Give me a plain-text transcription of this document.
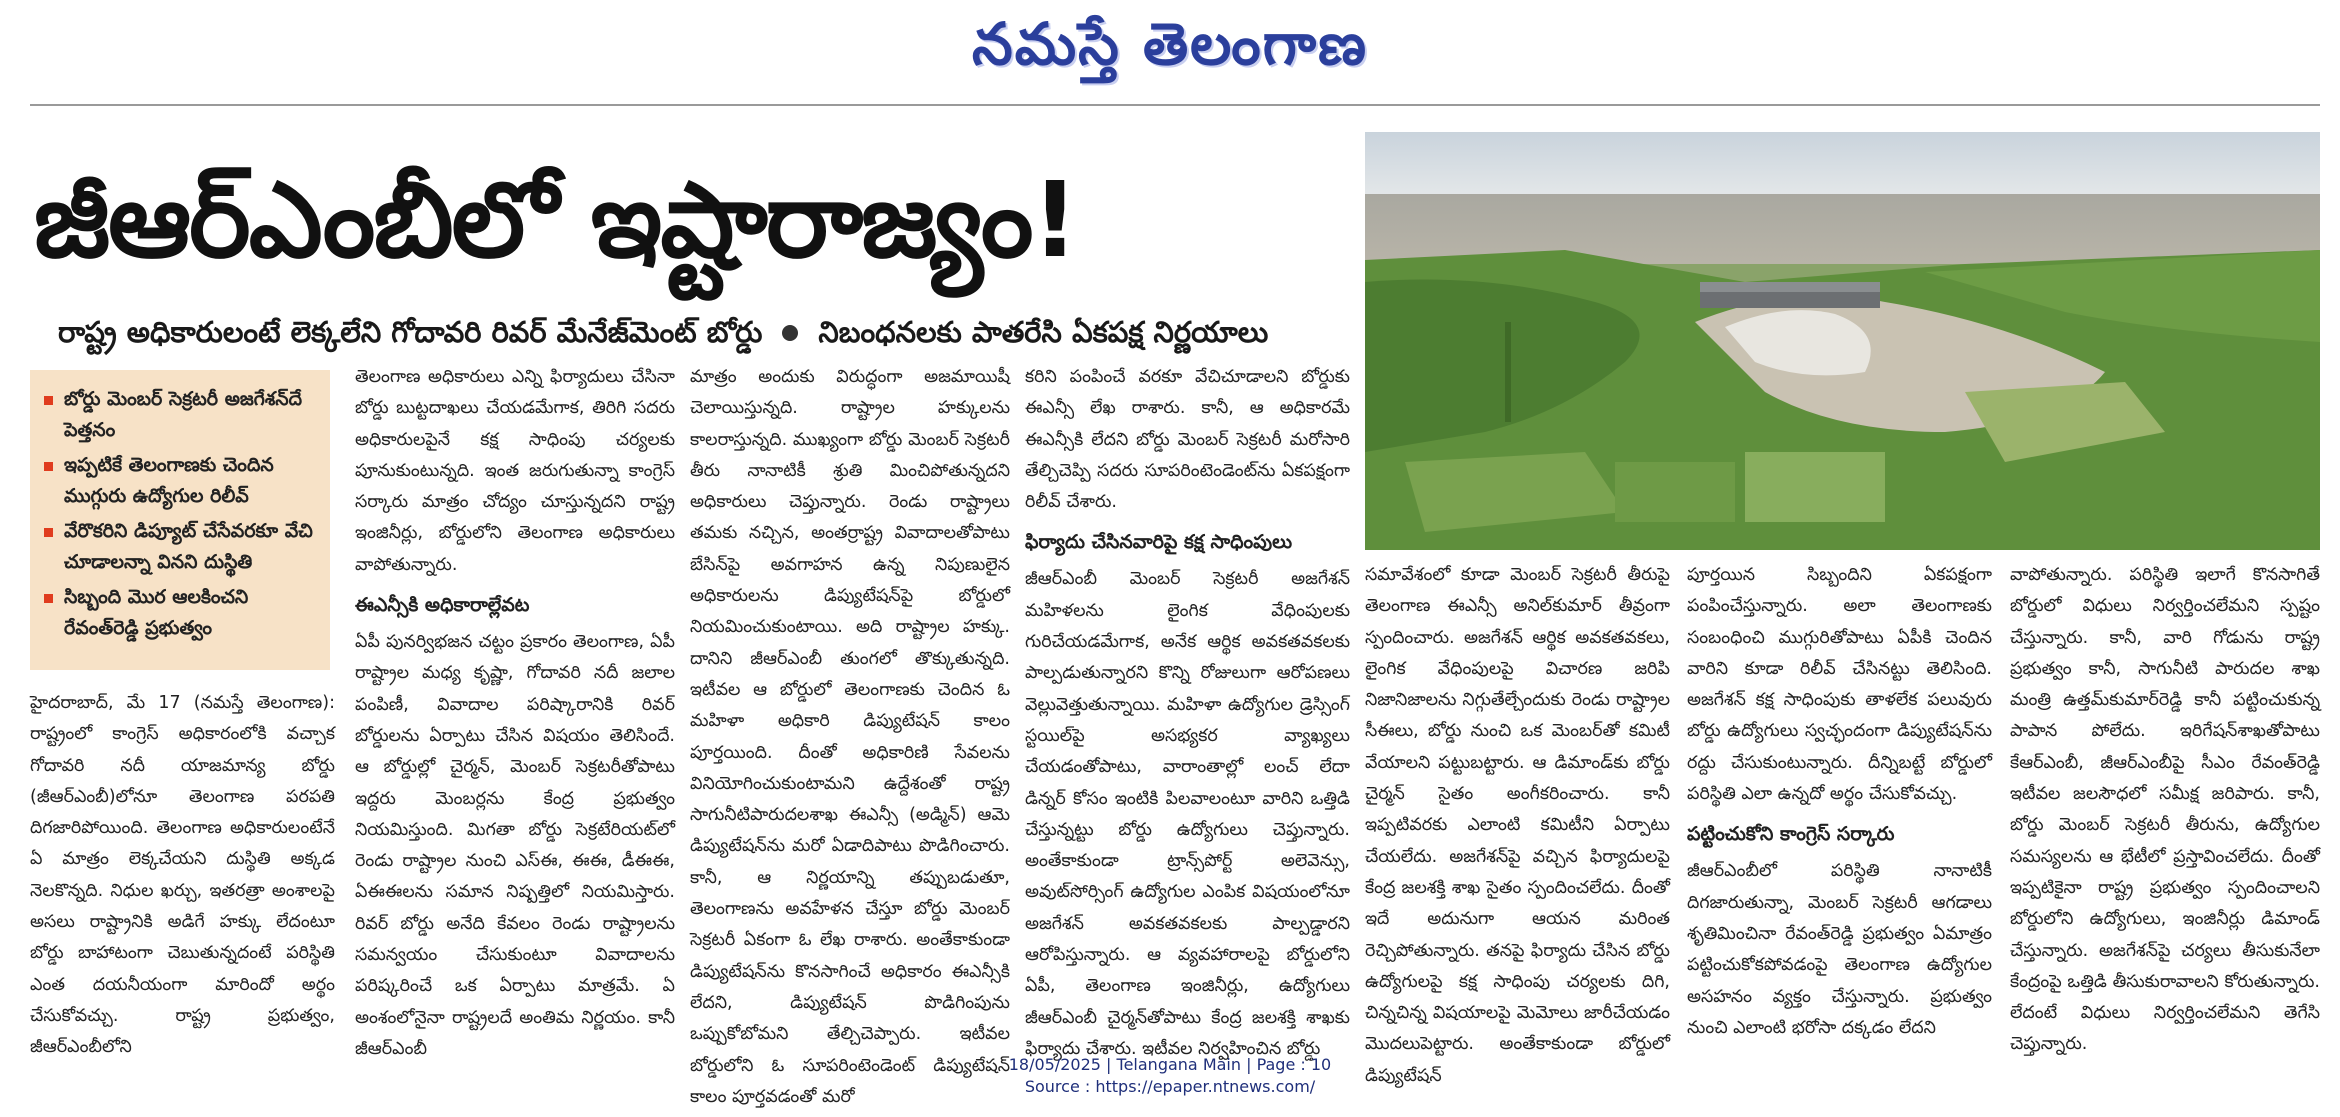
నమస్తే తెలంగాణ
జీఆర్ఎంబీలో ఇష్టారాజ్యం!
రాష్ట్ర అధికారులంటే లెక్కలేని గోదావరి రివర్ మేనేజ్‌మెంట్ బోర్డు నిబంధనలకు పాతరేసి ఏకపక్ష నిర్ణయాలు
బోర్డు మెంబర్ సెక్రటరీ అజగేశన్‌దే పెత్తనం
ఇప్పటికే తెలంగాణకు చెందిన ముగ్గురు ఉద్యోగుల రిలీవ్
వేరొకరిని డిప్యూట్ చేసేవరకూ వేచి చూడాలన్నా వినని దుస్థితి
సిబ్బంది మొర ఆలకించని రేవంత్‌రెడ్డి ప్రభుత్వం

హైదరాబాద్, మే 17 (నమస్తే తెలంగాణ): రాష్ట్రంలో కాంగ్రెస్ అధికారంలోకి వచ్చాక గోదావరి నదీ యాజమాన్య బోర్డు (జీఆర్ఎంబీ)లోనూ తెలంగాణ పరపతి దిగజారిపోయింది. తెలంగాణ అధికారులంటేనే ఏ మాత్రం లెక్కచేయని దుస్థితి అక్కడ నెలకొన్నది. నిధుల ఖర్చు, ఇతరత్రా అంశాలపై అసలు రాష్ట్రానికి అడిగే హక్కు లేదంటూ బోర్డు బాహాటంగా చెబుతున్నదంటే పరిస్థితి ఎంత దయనీయంగా మారిందో అర్థం చేసుకోవచ్చు. రాష్ట్ర ప్రభుత్వం, జీఆర్ఎంబీలోని

తెలంగాణ అధికారులు ఎన్ని ఫిర్యాదులు చేసినా బోర్డు బుట్టదాఖలు చేయడమేగాక, తిరిగి సదరు అధికారులపైనే కక్ష సాధింపు చర్యలకు పూనుకుంటున్నది. ఇంత జరుగుతున్నా కాంగ్రెస్ సర్కారు మాత్రం చోద్యం చూస్తున్నదని రాష్ట్ర ఇంజినీర్లు, బోర్డులోని తెలంగాణ అధికారులు వాపోతున్నారు.

ఈఎన్సీకి అధికారాల్లేవట

ఏపీ పునర్విభజన చట్టం ప్రకారం తెలంగాణ, ఏపీ రాష్ట్రాల మధ్య కృష్ణా, గోదావరి నదీ జలాల పంపిణీ, వివాదాల పరిష్కారానికి రివర్ బోర్డులను ఏర్పాటు చేసిన విషయం తెలిసిందే. ఆ బోర్డుల్లో చైర్మన్, మెంబర్ సెక్రటరీతోపాటు ఇద్దరు మెంబర్లను కేంద్ర ప్రభుత్వం నియమిస్తుంది. మిగతా బోర్డు సెక్రటేరియట్‌లో రెండు రాష్ట్రాల నుంచి ఎస్‌ఈ, ఈఈ, డీఈఈ, ఏఈఈలను సమాన నిష్పత్తిలో నియమిస్తారు. రివర్ బోర్డు అనేది కేవలం రెండు రాష్ట్రాలను సమన్వయం చేసుకుంటూ వివాదాలను పరిష్కరించే ఒక ఏర్పాటు మాత్రమే. ఏ అంశంలోనైనా రాష్ట్రలదే అంతిమ నిర్ణయం. కానీ జీఆర్ఎంబీ

మాత్రం అందుకు విరుద్ధంగా అజమాయిషీ చెలాయిస్తున్నది. రాష్ట్రాల హక్కులను కాలరాస్తున్నది. ముఖ్యంగా బోర్డు మెంబర్ సెక్రటరీ తీరు నానాటికీ శ్రుతి మించిపోతున్నదని అధికారులు చెప్తున్నారు. రెండు రాష్ట్రాలు తమకు నచ్చిన, అంతర్రాష్ట్ర వివాదాలతోపాటు బేసిన్‌పై అవగాహన ఉన్న నిపుణులైన అధికారులను డిప్యుటేషన్‌పై బోర్డులో నియమించుకుంటాయి. అది రాష్ట్రాల హక్కు. దానిని జీఆర్ఎంబీ తుంగలో తొక్కుతున్నది. ఇటీవల ఆ బోర్డులో తెలంగాణకు చెందిన ఓ మహిళా అధికారి డిప్యుటేషన్ కాలం పూర్తయింది. దీంతో అధికారిణి సేవలను వినియోగించుకుంటామని ఉద్దేశంతో రాష్ట్ర సాగునీటిపారుదలశాఖ ఈఎన్సీ (అడ్మిన్) ఆమె డిప్యుటేషన్‌ను మరో ఏడాదిపాటు పొడిగించారు. కానీ, ఆ నిర్ణయాన్ని తప్పుబడుతూ, తెలంగాణను అవహేళన చేస్తూ బోర్డు మెంబర్ సెక్రటరీ ఏకంగా ఓ లేఖ రాశారు. అంతేకాకుండా డిప్యుటేషన్‌ను కొనసాగించే అధికారం ఈఎన్సీకి లేదని, డిప్యుటేషన్ పొడిగింపును ఒప్పుకోబోమని తేల్చిచెప్పారు. ఇటీవల బోర్డులోని ఓ సూపరింటెండెంట్ డిప్యుటేషన్ కాలం పూర్తవడంతో మరో

కరిని పంపించే వరకూ వేచిచూడాలని బోర్డుకు ఈఎన్సీ లేఖ రాశారు. కానీ, ఆ అధికారమే ఈఎన్సీకి లేదని బోర్డు మెంబర్ సెక్రటరీ మరోసారి తేల్చిచెప్పి సదరు సూపరింటెండెంట్‌ను ఏకపక్షంగా రిలీవ్ చేశారు.

ఫిర్యాదు చేసినవారిపై కక్ష సాధింపులు

జీఆర్ఎంబీ మెంబర్ సెక్రటరీ అజగేశన్ మహిళలను లైంగిక వేధింపులకు గురిచేయడమేగాక, అనేక ఆర్థిక అవకతవకలకు పాల్పడుతున్నారని కొన్ని రోజులుగా ఆరోపణలు వెల్లువెత్తుతున్నాయి. మహిళా ఉద్యోగుల డ్రెస్సింగ్ స్టయిల్‌పై అసభ్యకర వ్యాఖ్యలు చేయడంతోపాటు, వారాంతాల్లో లంచ్ లేదా డిన్నర్ కోసం ఇంటికి పిలవాలంటూ వారిని ఒత్తిడి చేస్తున్నట్టు బోర్డు ఉద్యోగులు చెప్తున్నారు. అంతేకాకుండా ట్రాన్స్‌పోర్ట్ అలెవెన్సు, అవుట్‌సోర్సింగ్ ఉద్యోగుల ఎంపిక విషయంలోనూ అజగేశన్ అవకతవకలకు పాల్పడ్డారని ఆరోపిస్తున్నారు. ఆ వ్యవహారాలపై బోర్డులోని ఏపీ, తెలంగాణ ఇంజినీర్లు, ఉద్యోగులు జీఆర్ఎంబీ చైర్మన్‌తోపాటు కేంద్ర జలశక్తి శాఖకు ఫిర్యాదు చేశారు. ఇటీవల నిర్వహించిన బోర్డు

సమావేశంలో కూడా మెంబర్ సెక్రటరీ తీరుపై తెలంగాణ ఈఎన్సీ అనిల్‌కుమార్ తీవ్రంగా స్పందించారు. అజగేశన్ ఆర్థిక అవకతవకలు, లైంగిక వేధింపులపై విచారణ జరిపి నిజానిజాలను నిగ్గుతేల్చేందుకు రెండు రాష్ట్రాల సీఈలు, బోర్డు నుంచి ఒక మెంబర్‌తో కమిటీ వేయాలని పట్టుబట్టారు. ఆ డిమాండ్‌కు బోర్డు చైర్మన్ సైతం అంగీకరించారు. కానీ ఇప్పటివరకు ఎలాంటి కమిటీని ఏర్పాటు చేయలేదు. అజగేశన్‌పై వచ్చిన ఫిర్యాదులపై కేంద్ర జలశక్తి శాఖ సైతం స్పందించలేదు. దీంతో ఇదే అదునుగా ఆయన మరింత రెచ్చిపోతున్నారు. తనపై ఫిర్యాదు చేసిన బోర్డు ఉద్యోగులపై కక్ష సాధింపు చర్యలకు దిగి, చిన్నచిన్న విషయాలపై మెమోలు జారీచేయడం మొదలుపెట్టారు. అంతేకాకుండా బోర్డులో డిప్యుటేషన్

పూర్తయిన సిబ్బందిని ఏకపక్షంగా పంపించేస్తున్నారు. అలా తెలంగాణకు సంబంధించి ముగ్గురితోపాటు ఏపీకి చెందిన వారిని కూడా రిలీవ్ చేసినట్టు తెలిసింది. అజగేశన్ కక్ష సాధింపుకు తాళలేక పలువురు బోర్డు ఉద్యోగులు స్వచ్ఛందంగా డిప్యుటేషన్‌ను రద్దు చేసుకుంటున్నారు. దీన్నిబట్టే బోర్డులో పరిస్థితి ఎలా ఉన్నదో అర్థం చేసుకోవచ్చు.

పట్టించుకోని కాంగ్రెస్ సర్కారు

జీఆర్ఎంబీలో పరిస్థితి నానాటికీ దిగజారుతున్నా, మెంబర్ సెక్రటరీ ఆగడాలు శృతిమించినా రేవంత్‌రెడ్డి ప్రభుత్వం ఏమాత్రం పట్టించుకోకపోవడంపై తెలంగాణ ఉద్యోగుల అసహనం వ్యక్తం చేస్తున్నారు. ప్రభుత్వం నుంచి ఎలాంటి భరోసా దక్కడం లేదని

వాపోతున్నారు. పరిస్థితి ఇలాగే కొనసాగితే బోర్డులో విధులు నిర్వర్తించలేమని స్పష్టం చేస్తున్నారు. కానీ, వారి గోడును రాష్ట్ర ప్రభుత్వం కానీ, సాగునీటి పారుదల శాఖ మంత్రి ఉత్తమ్‌కుమార్‌రెడ్డి కానీ పట్టించుకున్న పాపాన పోలేదు. ఇరిగేషన్‌శాఖతోపాటు కేఆర్ఎంబీ, జీఆర్ఎంబీపై సీఎం రేవంత్‌రెడ్డి ఇటీవల జలసౌధలో సమీక్ష జరిపారు. కానీ, బోర్డు మెంబర్ సెక్రటరీ తీరును, ఉద్యోగుల సమస్యలను ఆ భేటీలో ప్రస్తావించలేదు. దీంతో ఇప్పటికైనా రాష్ట్ర ప్రభుత్వం స్పందించాలని బోర్డులోని ఉద్యోగులు, ఇంజినీర్లు డిమాండ్ చేస్తున్నారు. అజగేశన్‌పై చర్యలు తీసుకునేలా కేంద్రంపై ఒత్తిడి తీసుకురావాలని కోరుతున్నారు. లేదంటే విధులు నిర్వర్తించలేమని తెగేసి చెప్తున్నారు.

18/05/2025 | Telangana Main | Page : 10
Source : https://epaper.ntnews.com/
